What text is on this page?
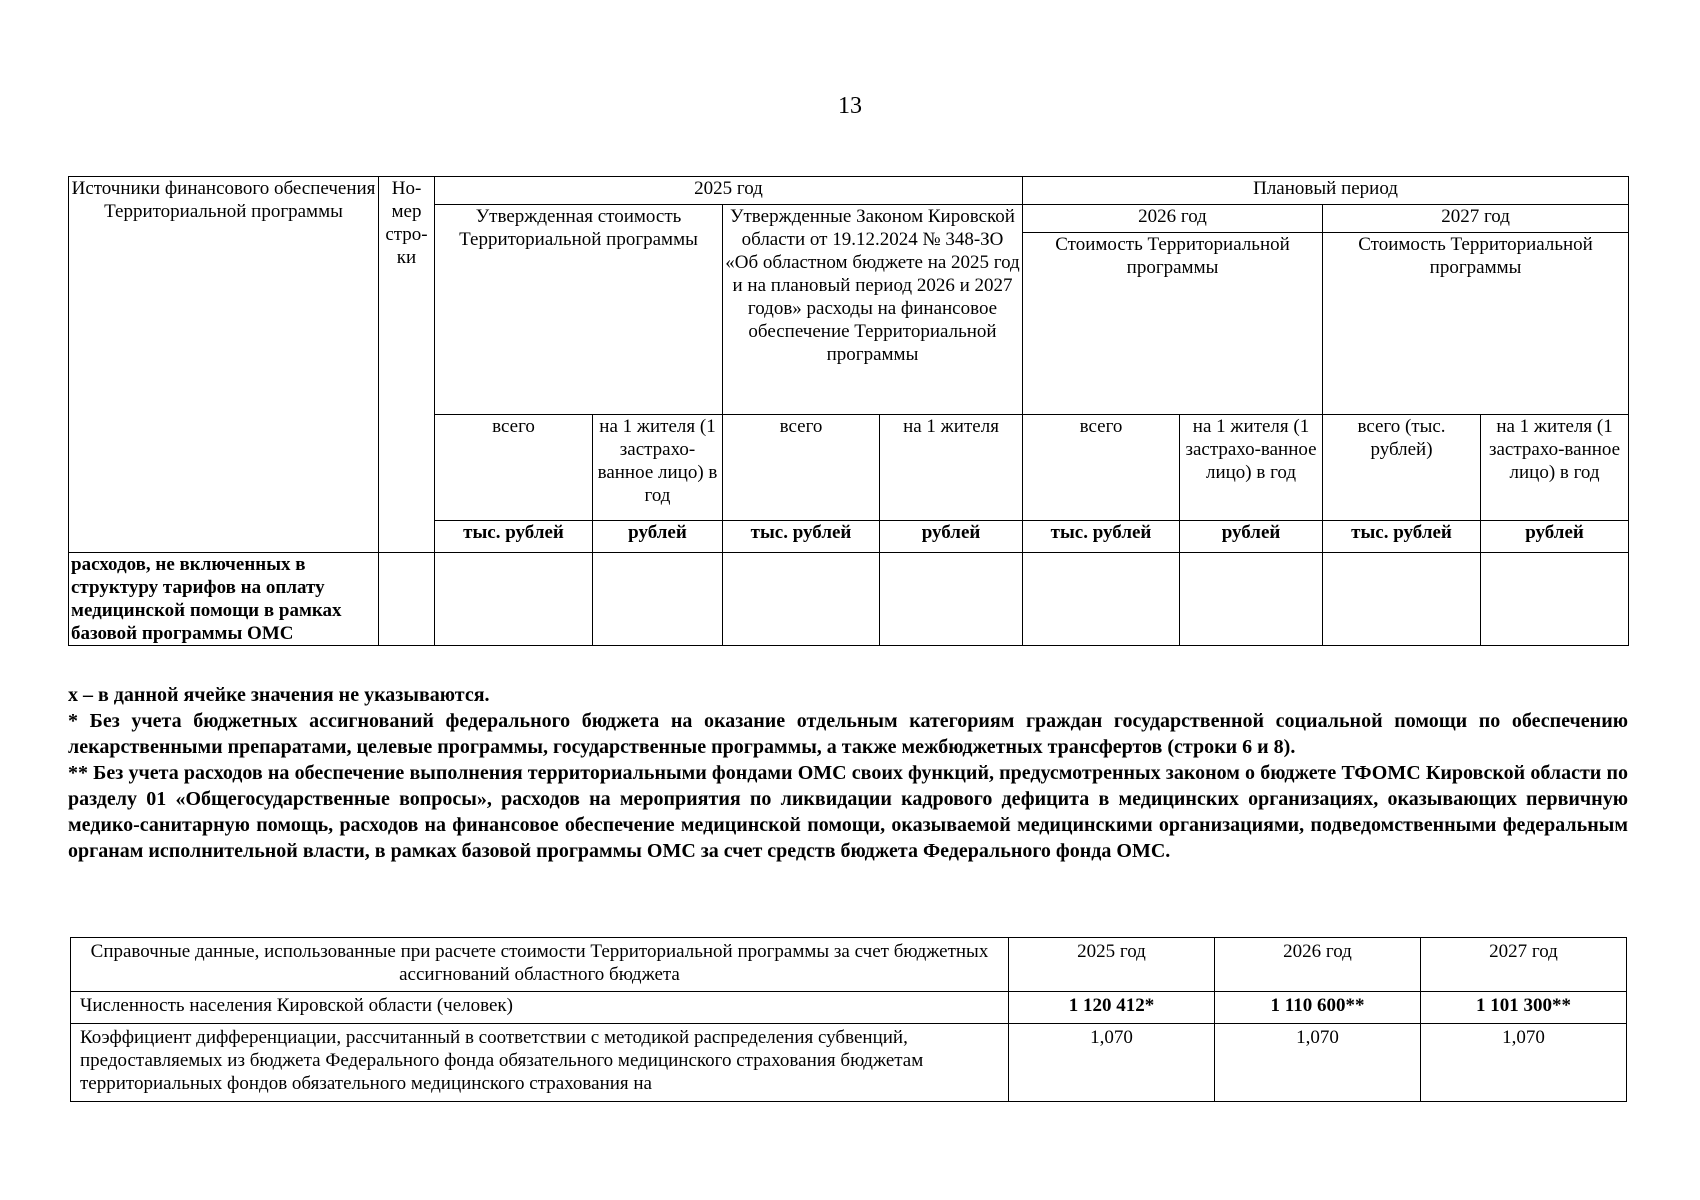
13
Источники финансового обеспечения Территориальной программы	Но-мер стро-ки	2025 год				Плановый период			
		Утвержденная стоимость Территориальной программы		Утвержденные Законом Кировской области от 19.12.2024 № 348-ЗО «Об областном бюджете на 2025 год и на плановый период 2026 и 2027 годов» расходы на финансовое обеспечение Территориальной программы		2026 год		2027 год	
						Стоимость Территориальной программы		Стоимость Территориальной программы	
		всего	на 1 жителя (1 застрахо-ванное лицо) в год	всего	на 1 жителя	всего	на 1 жителя (1 застрахо-ванное лицо) в год	всего (тыс. рублей)	на 1 жителя (1 застрахо-ванное лицо) в год
		тыс. рублей	рублей	тыс. рублей	рублей	тыс. рублей	рублей	тыс. рублей	рублей
расходов, не включенных в структуру тарифов на оплату медицинской помощи в рамках базовой программы ОМС									

х – в данной ячейке значения не указываются.

* Без учета бюджетных ассигнований федерального бюджета на оказание отдельным категориям граждан государственной социальной помощи по обеспечению лекарственными препаратами, целевые программы, государственные программы, а также межбюджетных трансфертов (строки 6 и 8).

** Без учета расходов на обеспечение выполнения территориальными фондами ОМС своих функций, предусмотренных законом о бюджете ТФОМС Кировской области по разделу 01 «Общегосударственные вопросы», расходов на мероприятия по ликвидации кадрового дефицита в медицинских организациях, оказывающих первичную медико-санитарную помощь, расходов на финансовое обеспечение медицинской помощи, оказываемой медицинскими организациями, подведомственными федеральным органам исполнительной власти, в рамках базовой программы ОМС за счет средств бюджета Федерального фонда ОМС.

Справочные данные, использованные при расчете стоимости Территориальной программы за счет бюджетных ассигнований областного бюджета	2025 год	2026 год	2027 год
Численность населения Кировской области (человек)	1 120 412*	1 110 600**	1 101 300**
Коэффициент дифференциации, рассчитанный в соответствии с методикой распределения субвенций, предоставляемых из бюджета Федерального фонда обязательного медицинского страхования бюджетам территориальных фондов обязательного медицинского страхования на	1,070	1,070	1,070
